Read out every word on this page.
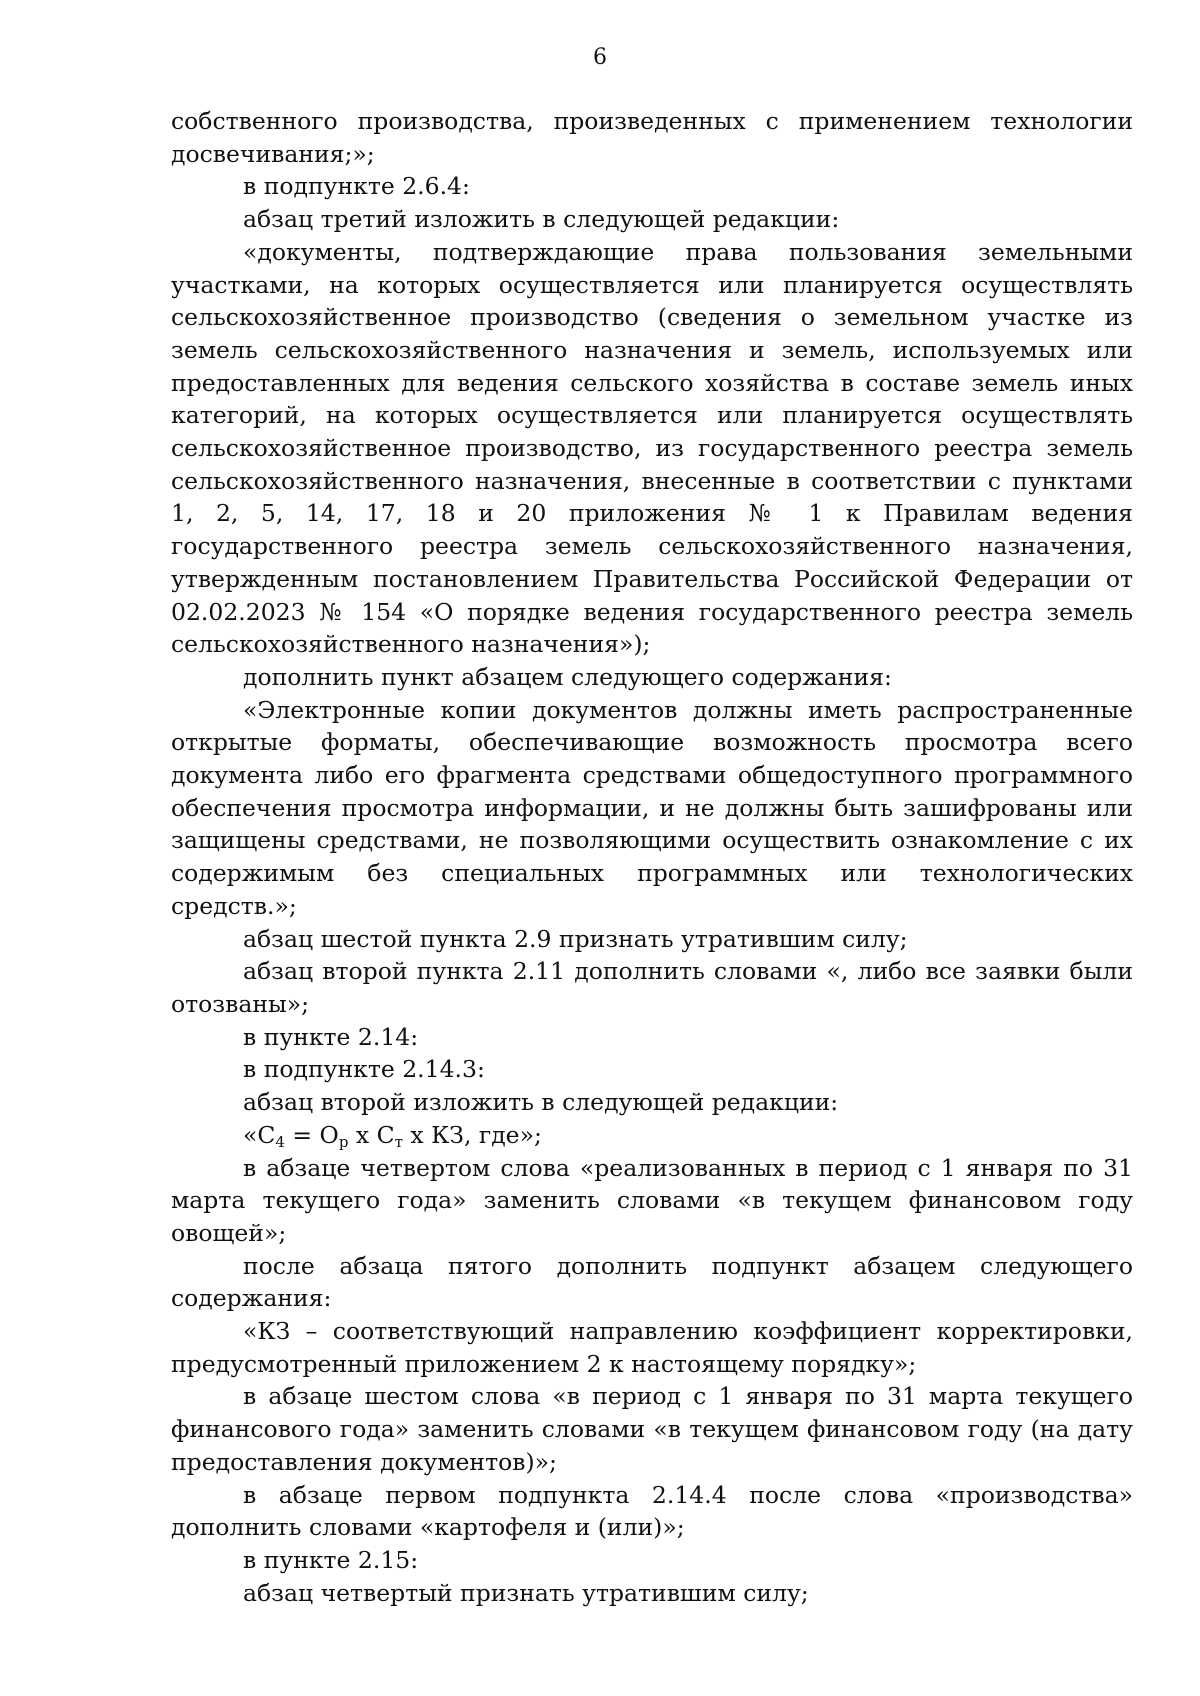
6

собственного производства, произведенных с применением технологии досвечивания;»;

в подпункте 2.6.4:

абзац третий изложить в следующей редакции:

«документы, подтверждающие права пользования земельными участками, на которых осуществляется или планируется осуществлять сельскохозяйственное производство (сведения о земельном участке из земель сельскохозяйственного назначения и земель, используемых или предоставленных для ведения сельского хозяйства в составе земель иных категорий, на которых осуществляется или планируется осуществлять сельскохозяйственное производство, из государственного реестра земель сельскохозяйственного назначения, внесенные в соответствии с пунктами 1, 2, 5, 14, 17, 18 и 20 приложения № 1 к Правилам ведения государственного реестра земель сельскохозяйственного назначения, утвержденным постановлением Правительства Российской Федерации от 02.02.2023 № 154 «О порядке ведения государственного реестра земель сельскохозяйственного назначения»);

дополнить пункт абзацем следующего содержания:

«Электронные копии документов должны иметь распространенные открытые форматы, обеспечивающие возможность просмотра всего документа либо его фрагмента средствами общедоступного программного обеспечения просмотра информации, и не должны быть зашифрованы или защищены средствами, не позволяющими осуществить ознакомление с их содержимым без специальных программных или технологических средств.»;

абзац шестой пункта 2.9 признать утратившим силу;

абзац второй пункта 2.11 дополнить словами «, либо все заявки были отозваны»;

в пункте 2.14:

в подпункте 2.14.3:

абзац второй изложить в следующей редакции:

«$С_4 = О_р$ х $С_т$ х КЗ, где»;

в абзаце четвертом слова «реализованных в период с 1 января по 31 марта текущего года» заменить словами «в текущем финансовом году овощей»;

после абзаца пятого дополнить подпункт абзацем следующего содержания:

«КЗ – соответствующий направлению коэффициент корректировки, предусмотренный приложением 2 к настоящему порядку»;

в абзаце шестом слова «в период с 1 января по 31 марта текущего финансового года» заменить словами «в текущем финансовом году (на дату предоставления документов)»;

в абзаце первом подпункта 2.14.4 после слова «производства» дополнить словами «картофеля и (или)»;

в пункте 2.15:

абзац четвертый признать утратившим силу;
